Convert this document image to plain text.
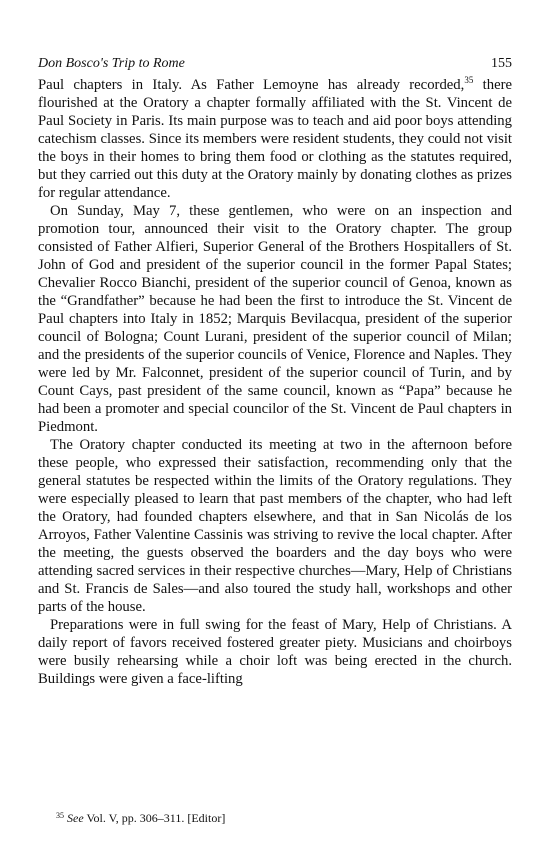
Don Bosco's Trip to Rome	155

Paul chapters in Italy. As Father Lemoyne has already recorded,$^{35}$ there flourished at the Oratory a chapter formally affiliated with the St. Vincent de Paul Society in Paris. Its main purpose was to teach and aid poor boys attending catechism classes. Since its members were resident students, they could not visit the boys in their homes to bring them food or clothing as the statutes required, but they carried out this duty at the Oratory mainly by donating clothes as prizes for regular attendance.

On Sunday, May 7, these gentlemen, who were on an inspection and promotion tour, announced their visit to the Oratory chapter. The group consisted of Father Alfieri, Superior General of the Brothers Hospitallers of St. John of God and president of the superior council in the former Papal States; Chevalier Rocco Bianchi, president of the superior council of Genoa, known as the “Grandfather” because he had been the first to introduce the St. Vincent de Paul chapters into Italy in 1852; Marquis Bevilacqua, president of the superior council of Bologna; Count Lurani, president of the superior council of Milan; and the presidents of the superior councils of Venice, Florence and Naples. They were led by Mr. Falconnet, president of the superior council of Turin, and by Count Cays, past president of the same council, known as “Papa” because he had been a promoter and special councilor of the St. Vincent de Paul chapters in Piedmont.

The Oratory chapter conducted its meeting at two in the afternoon before these people, who expressed their satisfaction, recommending only that the general statutes be respected within the limits of the Oratory regulations. They were especially pleased to learn that past members of the chapter, who had left the Oratory, had founded chapters elsewhere, and that in San Nicolás de los Arroyos, Father Valentine Cassinis was striving to revive the local chapter. After the meeting, the guests observed the boarders and the day boys who were attending sacred services in their respective churches—Mary, Help of Christians and St. Francis de Sales—and also toured the study hall, workshops and other parts of the house.

Preparations were in full swing for the feast of Mary, Help of Christians. A daily report of favors received fostered greater piety. Musicians and choirboys were busily rehearsing while a choir loft was being erected in the church. Buildings were given a face-lifting

$^{35}$ See Vol. V, pp. 306–311. [Editor]
